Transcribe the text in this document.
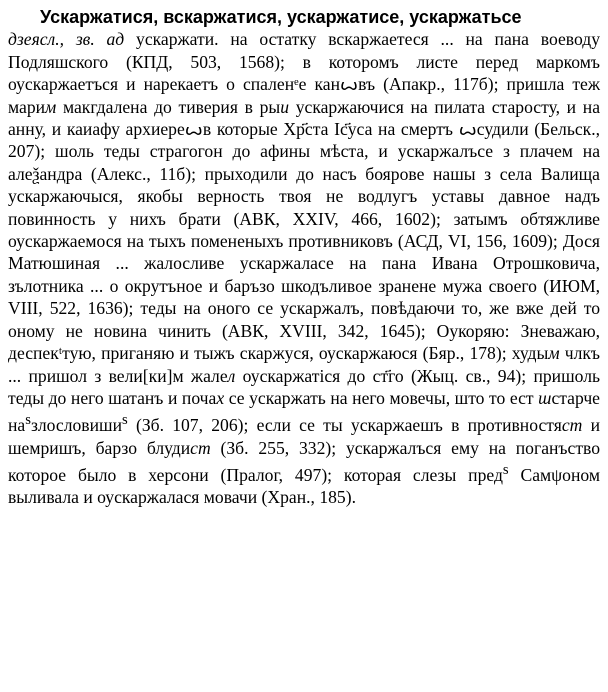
Ускаржатися, вскаржатися, ускаржатисе, ускаржатьсе
дзеясл., зв. ад ускаржати. на остатку вскаржаетеся ... на пана воеводу Подляшского (КПД, 503, 1568); в которомъ листе перед маркомъ оускаржаетъся и нарекаетъ о спаленᵉе канꙍвъ (Апакр., 117б); пришла теж марим макгдалена до тиверия в рыи ускаржаючися на пилата старосту, и на анну, и каиафу архиереꙍв которые Хр҃ста Іс҃уса на смертъ ꙍсудили (Бельск., 207); шоль теды страгогон до афины мѣста, и ускаржалъсе з плачем на алеѯандра (Алекс., 11б); пpыходили до насъ боярове нашы з села Валища ускаржаючыся, якобы верность твоя не водлугъ уставы давное надъ повинность у нихъ брати (АВК, XXIV, 466, 1602); затымъ обтяжливе оускаржаемося на тыхъ помененыхъ противниковъ (АСД, VI, 156, 1609); Дося Матюшиная ... жалосливе ускаржаласе на пана Ивана Отрошковича, зълотника ... о окрутъное и баръзо шкодъливое зранене мужа своего (ИЮМ, VIII, 522, 1636); теды на оного се ускаржалъ, повѣдаючи то, же вже дей то оному не новина чинить (АВК, XVIII, 342, 1645); Оукоряю: Зневажаю, деспекᵗтую, приганяю и тыжъ скаржуся, оускаржаюся (Бяр., 178); худым члкъ ... пришол з вели[ки]м жалел оускаржатіся до ст҃го (Жыц. св., 94); пришоль теды до него шатанъ и почах се ускаржать на него мовечы, што то ест шстарче $на^sзлословиши^s$ (Зб. 107, 206); если се ты ускаржаешъ в противностяст и шемришъ, барзо блудист (Зб. 255, 332); ускаржалъся ему на поганъство которое было в херсони (Пралог, 497); которая слезы пред$^s$ Самψоном выливала и оускаржалася мовачи (Хран., 185).
